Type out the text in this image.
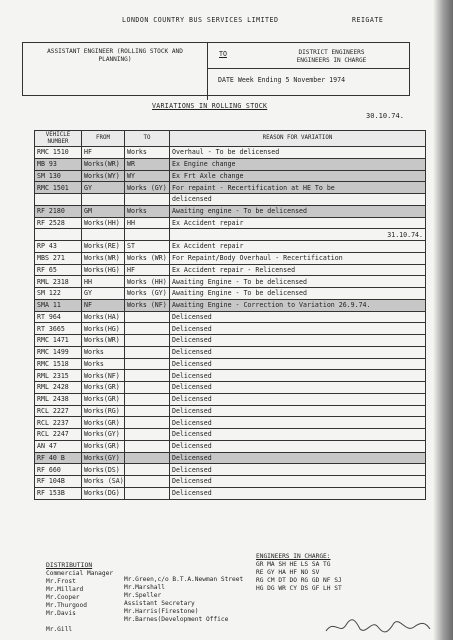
LONDON COUNTRY BUS SERVICES LIMITED	REIGATE
ASSISTANT ENGINEER (ROLLING STOCK AND
PLANNING)
TO	DISTRICT ENGINEERS
ENGINEERS IN CHARGE
DATE Week Ending 5 November 1974
VARIATIONS IN ROLLING STOCK
30.10.74.
VEHICLE
NUMBER	FROM	TO	REASON FOR VARIATION
RMC 1510	HF	Works	Overhaul - To be delicensed
MB 93	Works(WR)	WR	Ex Engine change
SM 130	Works(WY)	WY	Ex Frt Axle change
RMC 1501	GY	Works (GY)	For repaint - Recertification at HE To be
			delicensed
RF 2180	GM	Works	Awaiting engine - To be delicensed
RF 2528	Works(HH)	HH	Ex Accident repair
			31.10.74.
RP 43	Works(RE)	ST	Ex Accident repair
MBS 271	Works(WR)	Works (WR)	For Repaint/Body Overhaul - Recertification
RF 65	Works(HG)	HF	Ex Accident repair - Relicensed
RML 2318	HH	Works (HH)	Awaiting Engine - To be delicensed
SM 122	GY	Works (GY)	Awaiting Engine - To be delicensed
SMA 11	NF	Works (NF)	Awaiting Engine - Correction to Variation 26.9.74.
RT 964	Works(HA)		Delicensed
RT 3665	Works(HG)		Delicensed
RMC 1471	Works(WR)		Delicensed
RMC 1499	Works		Delicensed
RMC 1518	Works		Delicensed
RML 2315	Works(NF)		Delicensed
RML 2428	Works(GR)		Delicensed
RML 2438	Works(GR)		Delicensed
RCL 2227	Works(RG)		Delicensed
RCL 2237	Works(GR)		Delicensed
RCL 2247	Works(GY)		Delicensed
AN 47	Works(GR)		Delicensed
RF 40 B	Works(GY)		Delicensed
RF 660	Works(DS)		Delicensed
RF 104B	Works (SA)		Delicensed
RF 153B	Works(DG)		Delicensed
DISTRIBUTION
Commercial Manager
Mr.Frost
Mr.Millard
Mr.Cooper
Mr.Thurgood
Mr.Davis
Mr.Gill
Mr.Green,c/o B.T.A.Newman Street
Mr.Marshall
Mr.Speller
Assistant Secretary
Mr.Harris(Firestone)
Mr.Barnes(Development Office
ENGINEERS IN CHARGE:
GR MA SH HE LS SA TG
RE GY HA HF NO SV
RG CM DT DO RG GD NF SJ
HG DG WR CY DS GF LH ST
